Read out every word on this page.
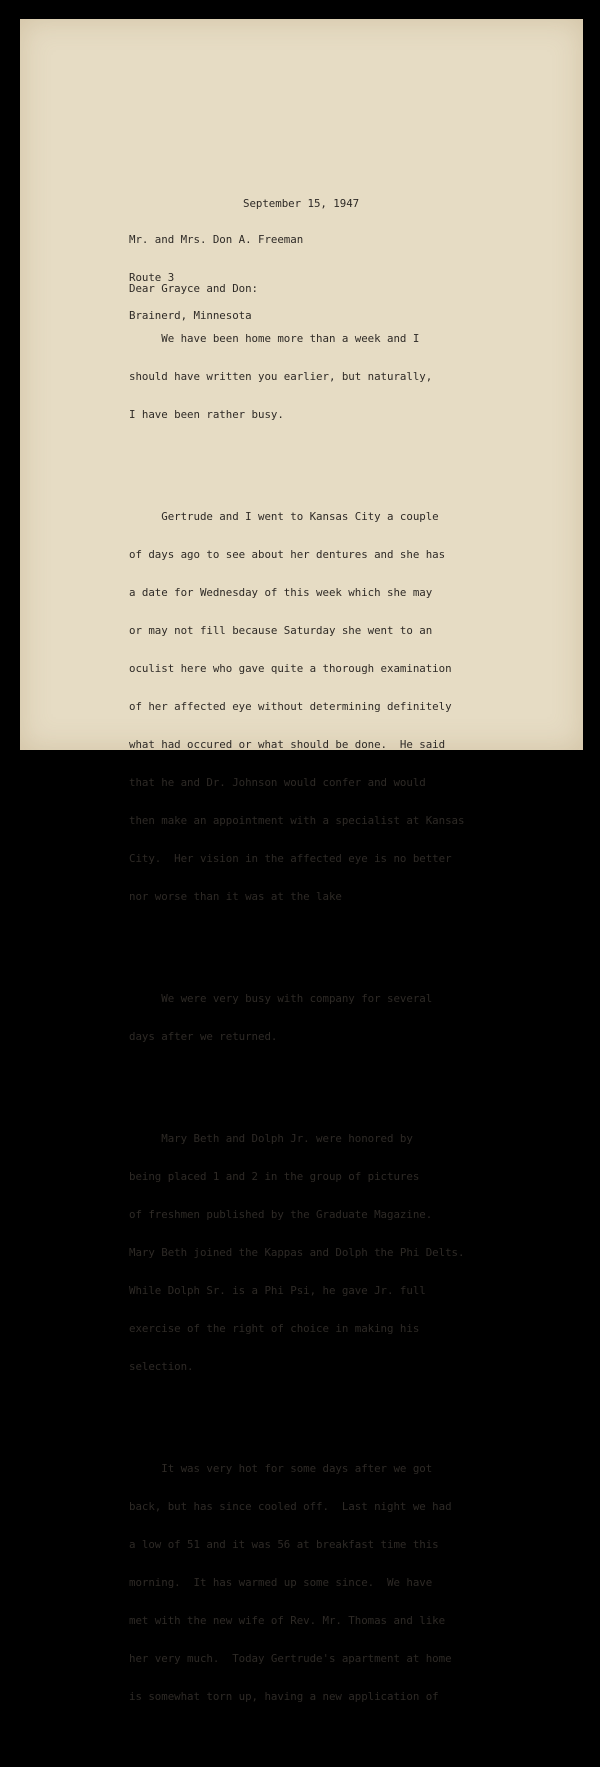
September 15, 1947

Mr. and Mrs. Don A. Freeman

Route 3

Brainerd, Minnesota

Dear Grayce and Don:

We have been home more than a week and I

should have written you earlier, but naturally,

I have been rather busy.

Gertrude and I went to Kansas City a couple

of days ago to see about her dentures and she has

a date for Wednesday of this week which she may

or may not fill because Saturday she went to an

oculist here who gave quite a thorough examination

of her affected eye without determining definitely

what had occured or what should be done.  He said

that he and Dr. Johnson would confer and would

then make an appointment with a specialist at Kansas

City.  Her vision in the affected eye is no better

nor worse than it was at the lake

We were very busy with company for several

days after we returned.

Mary Beth and Dolph Jr. were honored by

being placed 1 and 2 in the group of pictures

of freshmen published by the Graduate Magazine.

Mary Beth joined the Kappas and Dolph the Phi Delts.

While Dolph Sr. is a Phi Psi, he gave Jr. full

exercise of the right of choice in making his

selection.

It was very hot for some days after we got

back, but has since cooled off.  Last night we had

a low of 51 and it was 56 at breakfast time this

morning.  It has warmed up some since.  We have

met with the new wife of Rev. Mr. Thomas and like

her very much.  Today Gertrude's apartment at home

is somewhat torn up, having a new application of
